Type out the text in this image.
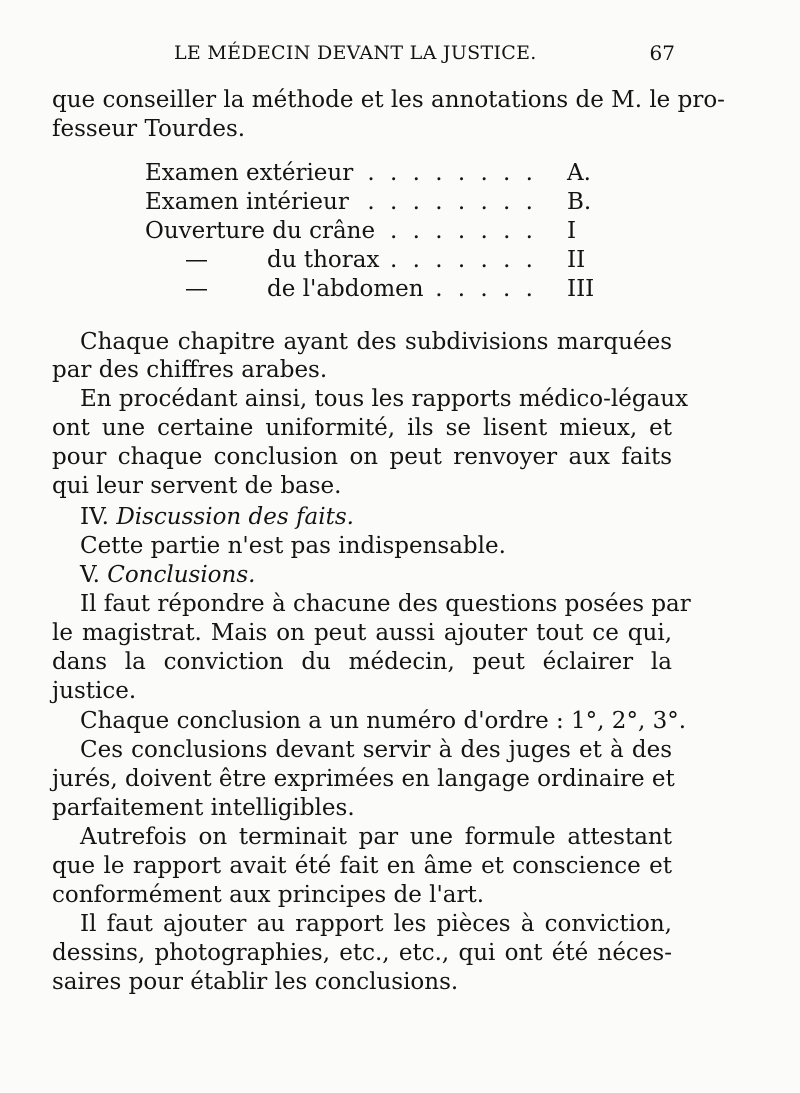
LE MÉDECIN DEVANT LA JUSTICE.	67
que conseiller la méthode et les annotations de M. le pro-
fesseur Tourdes.
Examen extérieur . . . . . . . . A.
Examen intérieur . . . . . . . . B.
Ouverture du crâne . . . . . . . I
—	du thorax . . . . . . . II
—	de l'abdomen . . . . . III
Chaque chapitre ayant des subdivisions marquées
par des chiffres arabes.
En procédant ainsi, tous les rapports médico-légaux
ont une certaine uniformité, ils se lisent mieux, et
pour chaque conclusion on peut renvoyer aux faits
qui leur servent de base.
IV. Discussion des faits.
Cette partie n'est pas indispensable.
V. Conclusions.
Il faut répondre à chacune des questions posées par
le magistrat. Mais on peut aussi ajouter tout ce qui,
dans la conviction du médecin, peut éclairer la
justice.
Chaque conclusion a un numéro d'ordre : 1°, 2°, 3°.
Ces conclusions devant servir à des juges et à des
jurés, doivent être exprimées en langage ordinaire et
parfaitement intelligibles.
Autrefois on terminait par une formule attestant
que le rapport avait été fait en âme et conscience et
conformément aux principes de l'art.
Il faut ajouter au rapport les pièces à conviction,
dessins, photographies, etc., etc., qui ont été néces-
saires pour établir les conclusions.
